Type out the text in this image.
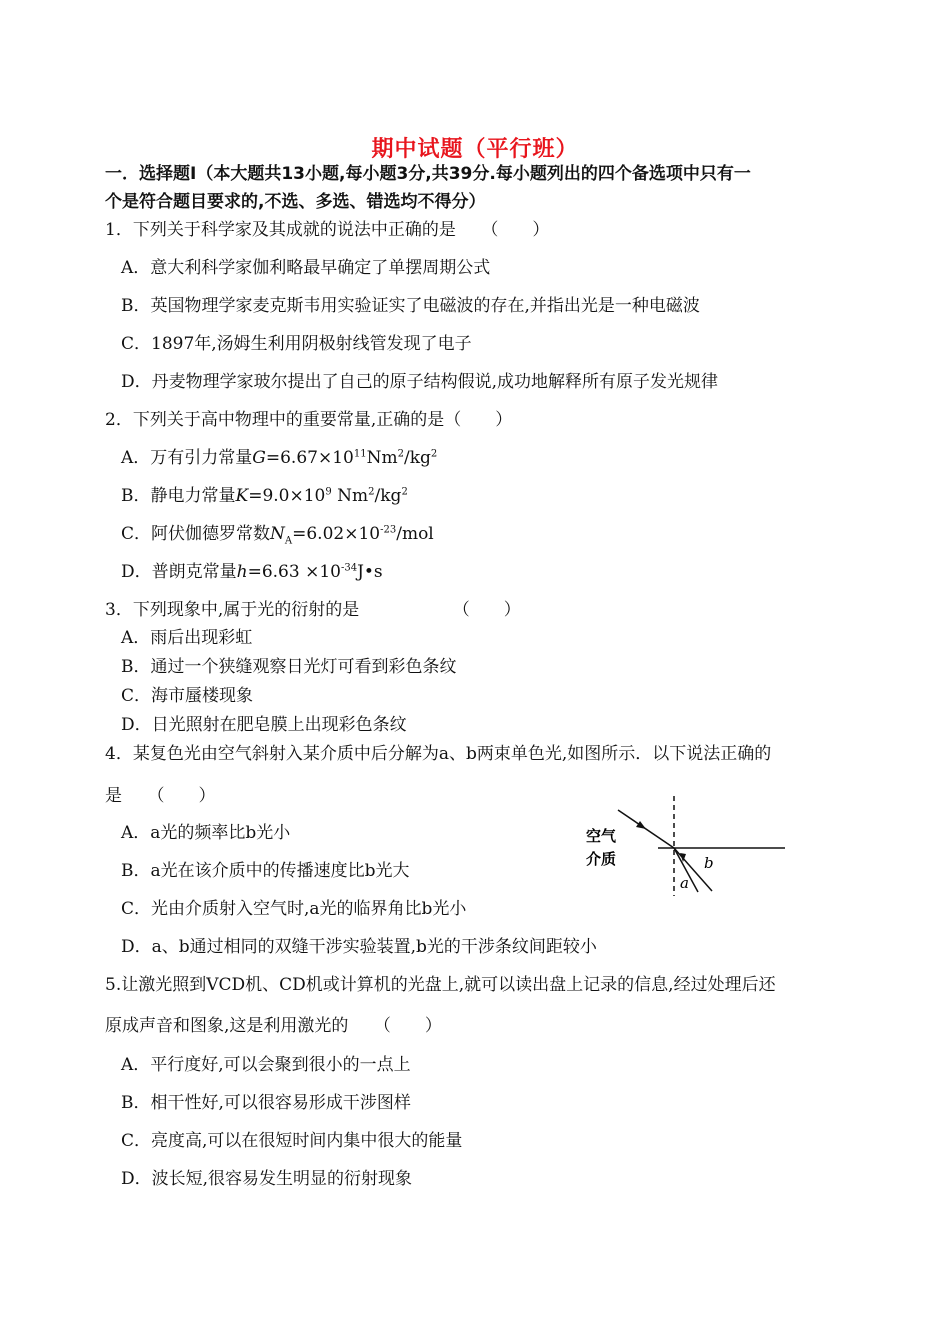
期中试题（平行班）
一．选择题Ⅰ（本大题共13小题,每小题3分,共39分.每小题列出的四个备选项中只有一
个是符合题目要求的,不选、多选、错选均不得分）
1．下列关于科学家及其成就的说法中正确的是　　（　　）
A．意大利科学家伽利略最早确定了单摆周期公式
B．英国物理学家麦克斯韦用实验证实了电磁波的存在,并指出光是一种电磁波
C．1897年,汤姆生利用阴极射线管发现了电子
D．丹麦物理学家玻尔提出了自己的原子结构假说,成功地解释所有原子发光规律
2．下列关于高中物理中的重要常量,正确的是（　　）
A．万有引力常量$G=6.67\times 10^{11}Nm^2/kg^2$
B．静电力常量$K=9.0\times 10^9$ $Nm^2/kg^2$
C．阿伏伽德罗常数$N_A=6.02\times 10^{-23}$/mol
D．普朗克常量$h=6.63 \times 10^{-34}J•s$
3．下列现象中,属于光的衍射的是　　　　　　（　　）
A．雨后出现彩虹
B．通过一个狭缝观察日光灯可看到彩色条纹
C．海市蜃楼现象
D．日光照射在肥皂膜上出现彩色条纹
4．某复色光由空气斜射入某介质中后分解为a、b两束单色光,如图所示．以下说法正确的
是　　（　　）
A．a光的频率比b光小
B．a光在该介质中的传播速度比b光大
C．光由介质射入空气时,a光的临界角比b光小
D．a、b通过相同的双缝干涉实验装置,b光的干涉条纹间距较小
空气
介质	b
a
5.让激光照到VCD机、CD机或计算机的光盘上,就可以读出盘上记录的信息,经过处理后还
原成声音和图象,这是利用激光的　　（　　）
A．平行度好,可以会聚到很小的一点上
B．相干性好,可以很容易形成干涉图样
C．亮度高,可以在很短时间内集中很大的能量
D．波长短,很容易发生明显的衍射现象
